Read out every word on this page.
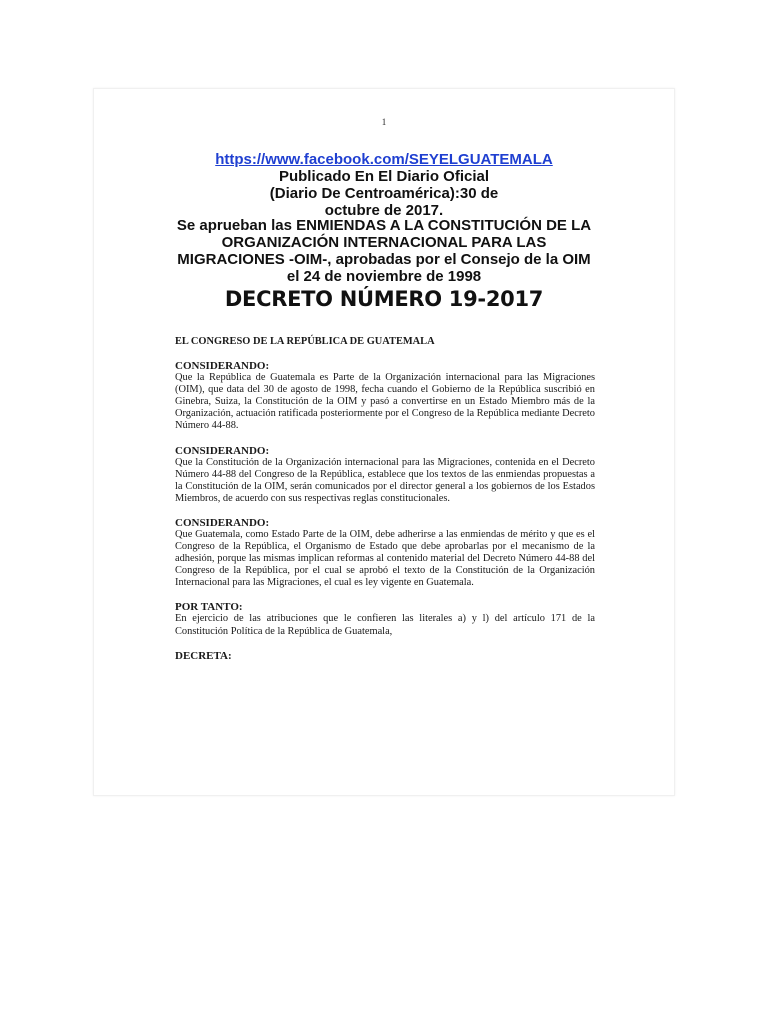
1
https://www.facebook.com/SEYELGUATEMALA
Publicado En El Diario Oficial (Diario De Centroamérica):30 de octubre de 2017.
Se aprueban las ENMIENDAS A LA CONSTITUCIÓN DE LA ORGANIZACIÓN INTERNACIONAL PARA LAS MIGRACIONES -OIM-, aprobadas por el Consejo de la OIM el 24 de noviembre de 1998
DECRETO NÚMERO 19-2017
EL CONGRESO DE LA REPÚBLICA DE GUATEMALA
CONSIDERANDO:
Que la República de Guatemala es Parte de la Organización internacional para las Migraciones (OIM), que data del 30 de agosto de 1998, fecha cuando el Gobierno de la República suscribió en Ginebra, Suiza, la Constitución de la OIM y pasó a convertirse en un Estado Miembro más de la Organización, actuación ratificada posteriormente por el Congreso de la República mediante Decreto Número 44-88.
CONSIDERANDO:
Que la Constitución de la Organización internacional para las Migraciones, contenida en el Decreto Número 44-88 del Congreso de la República, establece que los textos de las enmiendas propuestas a la Constitución de la OIM, serán comunicados por el director general a los gobiernos de los Estados Miembros, de acuerdo con sus respectivas reglas constitucionales.
CONSIDERANDO:
Que Guatemala, como Estado Parte de la OIM, debe adherirse a las enmiendas de mérito y que es el Congreso de la República, el Organismo de Estado que debe aprobarlas por el mecanismo de la adhesión, porque las mismas implican reformas al contenido material del Decreto Número 44-88 del Congreso de la República, por el cual se aprobó el texto de la Constitución de la Organización Internacional para las Migraciones, el cual es ley vigente en Guatemala.
POR TANTO:
En ejercicio de las atribuciones que le confieren las literales a) y l) del artículo 171 de la Constitución Política de la República de Guatemala,
DECRETA:
